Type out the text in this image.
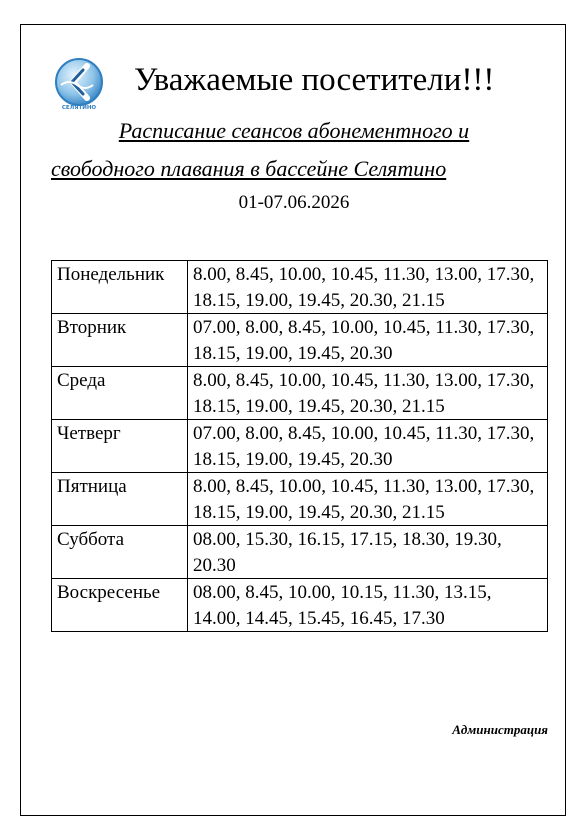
СЕЛЯТИНО
Уважаемые посетители!!!
Расписание сеансов абонементного и
свободного плавания в бассейне Селятино
01-07.06.2026
Понедельник	8.00, 8.45, 10.00, 10.45, 11.30, 13.00, 17.30, 18.15, 19.00, 19.45, 20.30, 21.15
Вторник	07.00, 8.00, 8.45, 10.00, 10.45, 11.30, 17.30, 18.15, 19.00, 19.45, 20.30
Среда	8.00, 8.45, 10.00, 10.45, 11.30, 13.00, 17.30, 18.15, 19.00, 19.45, 20.30, 21.15
Четверг	07.00, 8.00, 8.45, 10.00, 10.45, 11.30, 17.30, 18.15, 19.00, 19.45, 20.30
Пятница	8.00, 8.45, 10.00, 10.45, 11.30, 13.00, 17.30, 18.15, 19.00, 19.45, 20.30, 21.15
Суббота	08.00, 15.30, 16.15, 17.15, 18.30, 19.30, 20.30
Воскресенье	08.00, 8.45, 10.00, 10.15, 11.30, 13.15, 14.00, 14.45, 15.45, 16.45, 17.30
Администрация
